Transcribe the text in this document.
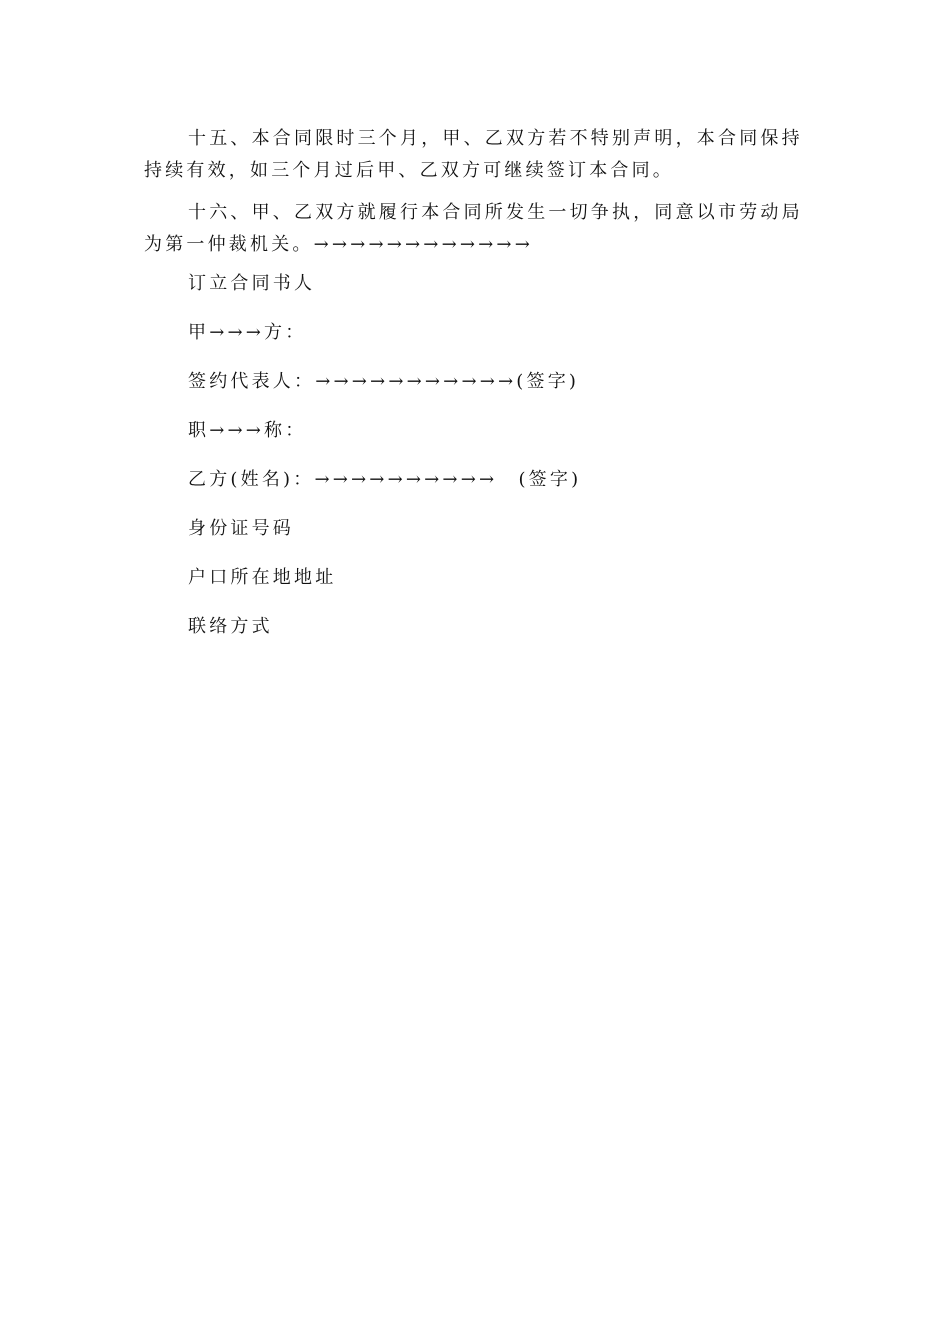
十五、本合同限时三个月，甲、乙双方若不特别声明，本合同保持持续有效，如三个月过后甲、乙双方可继续签订本合同。

十六、甲、乙双方就履行本合同所发生一切争执，同意以市劳动局为第一仲裁机关。→→→→→→→→→→→→

订立合同书人
甲→→→方：
签约代表人：→→→→→→→→→→→(签字)
职→→→称：
乙方(姓名)：→→→→→→→→→→　(签字)
身份证号码
户口所在地地址
联络方式
